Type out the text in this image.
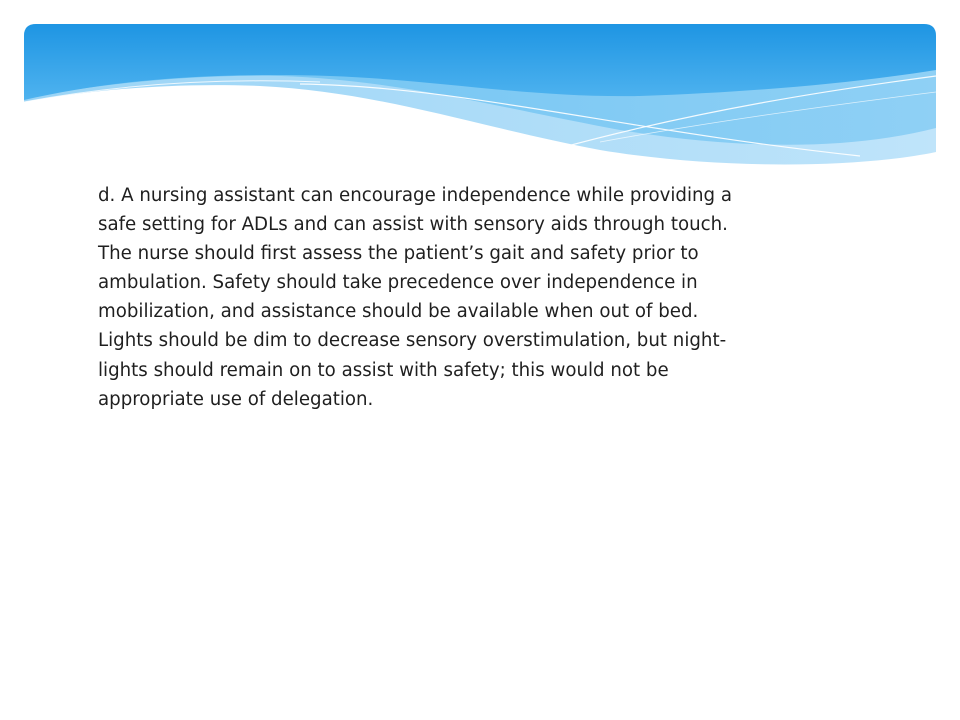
d. A nursing assistant can encourage independence while providing a
safe setting for ADLs and can assist with sensory aids through touch.
The nurse should first assess the patient’s gait and safety prior to
ambulation. Safety should take precedence over independence in
mobilization, and assistance should be available when out of bed.
Lights should be dim to decrease sensory overstimulation, but night-
lights should remain on to assist with safety; this would not be
appropriate use of delegation.
